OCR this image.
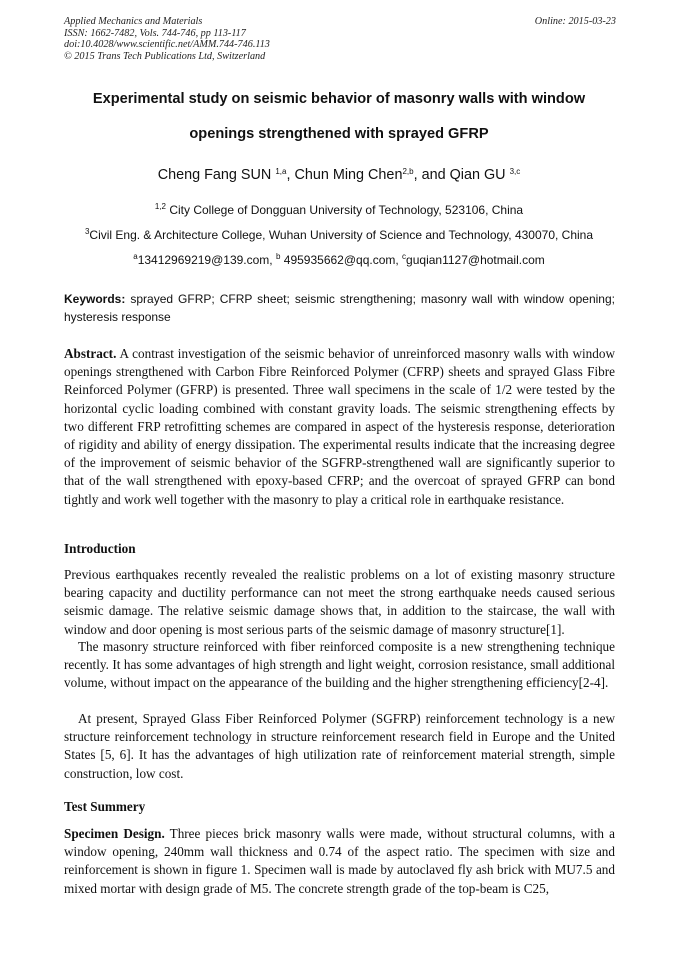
Applied Mechanics and Materials
ISSN: 1662-7482, Vols. 744-746, pp 113-117
doi:10.4028/www.scientific.net/AMM.744-746.113
© 2015 Trans Tech Publications Ltd, Switzerland
Online: 2015-03-23
Experimental study on seismic behavior of masonry walls with window
openings strengthened with sprayed GFRP
Cheng Fang SUN $^{1,a}$, Chun Ming Chen$^{2,b}$, and Qian GU $^{3,c}$
$^{1,2}$ City College of Dongguan University of Technology, 523106, China
$^3$Civil Eng. & Architecture College, Wuhan University of Science and Technology, 430070, China
$^a$13412969219@139.com, $^b$ 495935662@qq.com, $^c$guqian1127@hotmail.com
Keywords: sprayed GFRP; CFRP sheet; seismic strengthening; masonry wall with window opening; hysteresis response

Abstract. A contrast investigation of the seismic behavior of unreinforced masonry walls with window openings strengthened with Carbon Fibre Reinforced Polymer (CFRP) sheets and sprayed Glass Fibre Reinforced Polymer (GFRP) is presented. Three wall specimens in the scale of 1/2 were tested by the horizontal cyclic loading combined with constant gravity loads. The seismic strengthening effects by two different FRP retrofitting schemes are compared in aspect of the hysteresis response, deterioration of rigidity and ability of energy dissipation. The experimental results indicate that the increasing degree of the improvement of seismic behavior of the SGFRP-strengthened wall are significantly superior to that of the wall strengthened with epoxy-based CFRP; and the overcoat of sprayed GFRP can bond tightly and work well together with the masonry to play a critical role in earthquake resistance.

Introduction

Previous earthquakes recently revealed the realistic problems on a lot of existing masonry structure bearing capacity and ductility performance can not meet the strong earthquake needs caused serious seismic damage. The relative seismic damage shows that, in addition to the staircase, the wall with window and door opening is most serious parts of the seismic damage of masonry structure[1].

The masonry structure reinforced with fiber reinforced composite is a new strengthening technique recently. It has some advantages of high strength and light weight, corrosion resistance, small additional volume, without impact on the appearance of the building and the higher strengthening efficiency[2-4].

At present, Sprayed Glass Fiber Reinforced Polymer (SGFRP) reinforcement technology is a new structure reinforcement technology in structure reinforcement research field in Europe and the United States [5, 6]. It has the advantages of high utilization rate of reinforcement material strength, simple construction, low cost.

Test Summery

Specimen Design. Three pieces brick masonry walls were made, without structural columns, with a window opening, 240mm wall thickness and 0.74 of the aspect ratio. The specimen with size and reinforcement is shown in figure 1. Specimen wall is made by autoclaved fly ash brick with MU7.5 and mixed mortar with design grade of M5. The concrete strength grade of the top-beam is C25,
